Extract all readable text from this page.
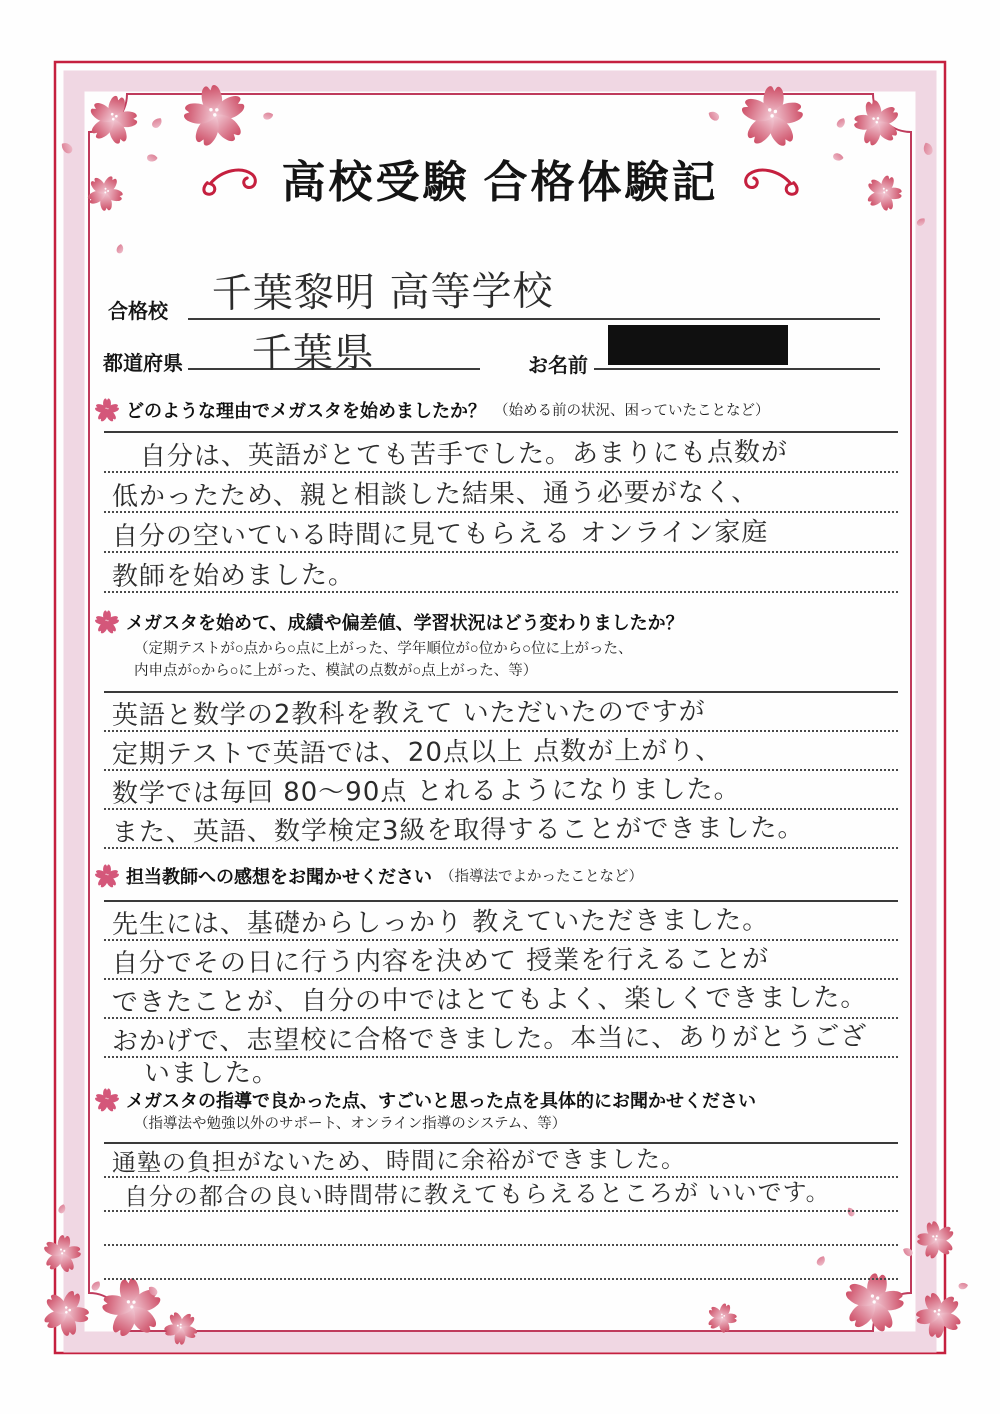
高校受験 合格体験記
合格校 千葉黎明 高等学校
都道府県 千葉県	お名前
どのような理由でメガスタを始めましたか？ （始める前の状況、困っていたことなど）
自分は、英語がとても苦手でした。あまりにも点数が
低かったため、親と相談した結果、通う必要がなく、
自分の空いている時間に見てもらえる オンライン家庭
教師を始めました。
メガスタを始めて、成績や偏差値、学習状況はどう変わりましたか？
（定期テストが○点から○点に上がった、学年順位が○位から○位に上がった、
内申点が○から○に上がった、模試の点数が○点上がった、等）
英語と数学の2教科を教えて いただいたのですが
定期テストで英語では、20点以上 点数が上がり、
数学では毎回 80〜90点 とれるようになりました。
また、英語、数学検定3級を取得することができました。
担当教師への感想をお聞かせください （指導法でよかったことなど）
先生には、基礎からしっかり 教えていただきました。
自分でその日に行う内容を決めて 授業を行えることが
できたことが、自分の中ではとてもよく、楽しくできました。
おかげで、志望校に合格できました。本当に、ありがとうござ
いました。
メガスタの指導で良かった点、すごいと思った点を具体的にお聞かせください
（指導法や勉強以外のサポート、オンライン指導のシステム、等）
通塾の負担がないため、時間に余裕ができました。
自分の都合の良い時間帯に教えてもらえるところが いいです。
